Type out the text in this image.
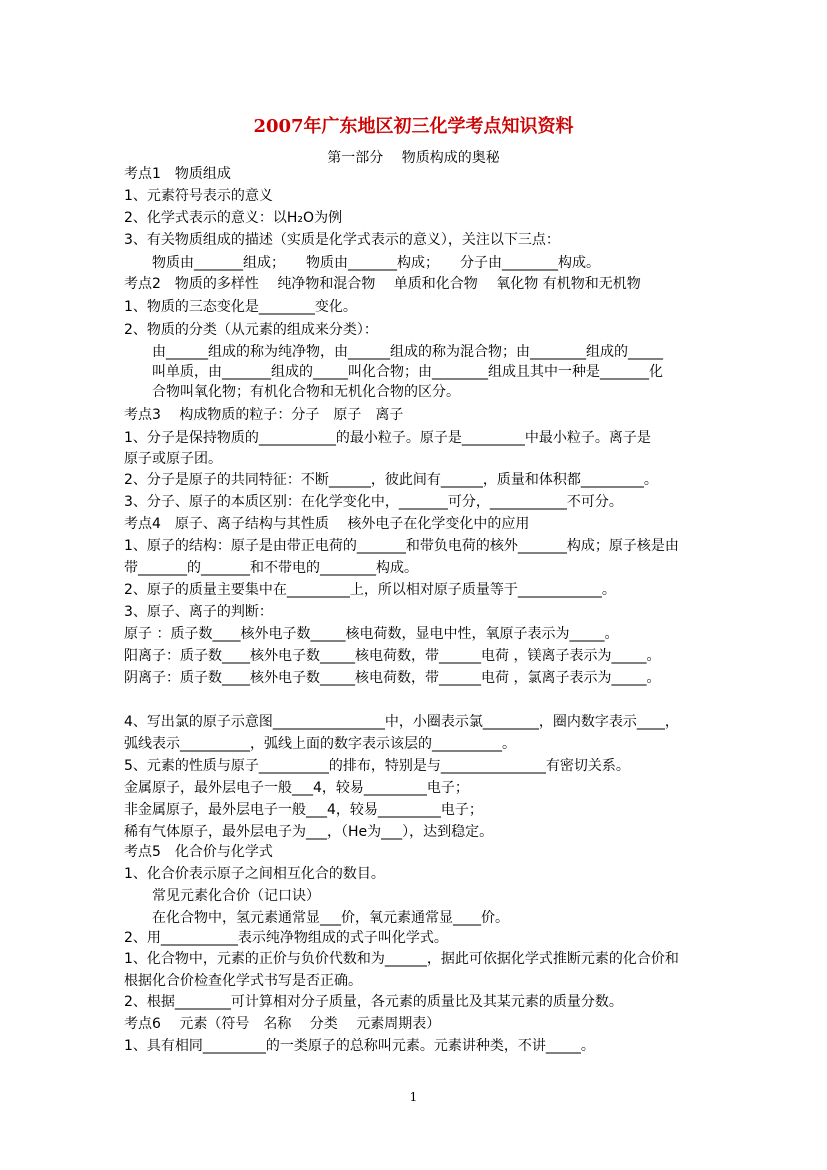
2007年广东地区初三化学考点知识资料
第一部分　 物质构成的奥秘
考点1　物质组成
1、元素符号表示的意义
2、化学式表示的意义：以H₂O为例
3、有关物质组成的描述（实质是化学式表示的意义），关注以下三点：
　　物质由_______组成；　　物质由_______构成；　　分子由________构成。
考点2　物质的多样性　 纯净物和混合物　 单质和化合物　 氧化物 有机物和无机物
1、物质的三态变化是________变化。
2、物质的分类（从元素的组成来分类）：
　　由______组成的称为纯净物，由______组成的称为混合物；由________组成的_____
　　叫单质，由_______组成的_____叫化合物；由________组成且其中一种是_______化
　　合物叫氧化物；有机化合物和无机化合物的区分。
考点3　 构成物质的粒子：分子　原子　离子
1、分子是保持物质的___________的最小粒子。原子是_________中最小粒子。离子是
原子或原子团。
2、分子是原子的共同特征：不断______，彼此间有______，质量和体积都_________。
3、分子、原子的本质区别：在化学变化中，_______可分，___________不可分。
考点4　原子、离子结构与其性质　 核外电子在化学变化中的应用
1、原子的结构：原子是由带正电荷的_______和带负电荷的核外_______构成；原子核是由
带_______的_______和不带电的________构成。
2、原子的质量主要集中在_________上，所以相对原子质量等于____________。
3、原子、离子的判断：
原子 ：质子数____核外电子数_____核电荷数，显电中性，氧原子表示为_____。
阳离子：质子数____核外电子数_____核电荷数，带______电荷 ，镁离子表示为_____。
阴离子：质子数____核外电子数_____核电荷数，带______电荷 ，氯离子表示为_____。
4、写出氯的原子示意图________________中，小圈表示氯________，圈内数字表示____，
弧线表示__________，弧线上面的数字表示该层的__________。
5、元素的性质与原子__________的排布，特别是与_______________有密切关系。
金属原子，最外层电子一般___4，较易_________电子；
非金属原子，最外层电子一般___4，较易_________电子；
稀有气体原子，最外层电子为___，（He为___），达到稳定。
考点5　化合价与化学式
1、化合价表示原子之间相互化合的数目。
　　常见元素化合价（记口诀）
　　在化合物中，氢元素通常显___价，氧元素通常显____价。
2、用___________表示纯净物组成的式子叫化学式。
1、化合物中，元素的正价与负价代数和为______，据此可依据化学式推断元素的化合价和
根据化合价检查化学式书写是否正确。
2、根据________可计算相对分子质量，各元素的质量比及其某元素的质量分数。
考点6　 元素（符号　名称　 分类　 元素周期表）
1、具有相同_________的一类原子的总称叫元素。元素讲种类，不讲_____。
1
